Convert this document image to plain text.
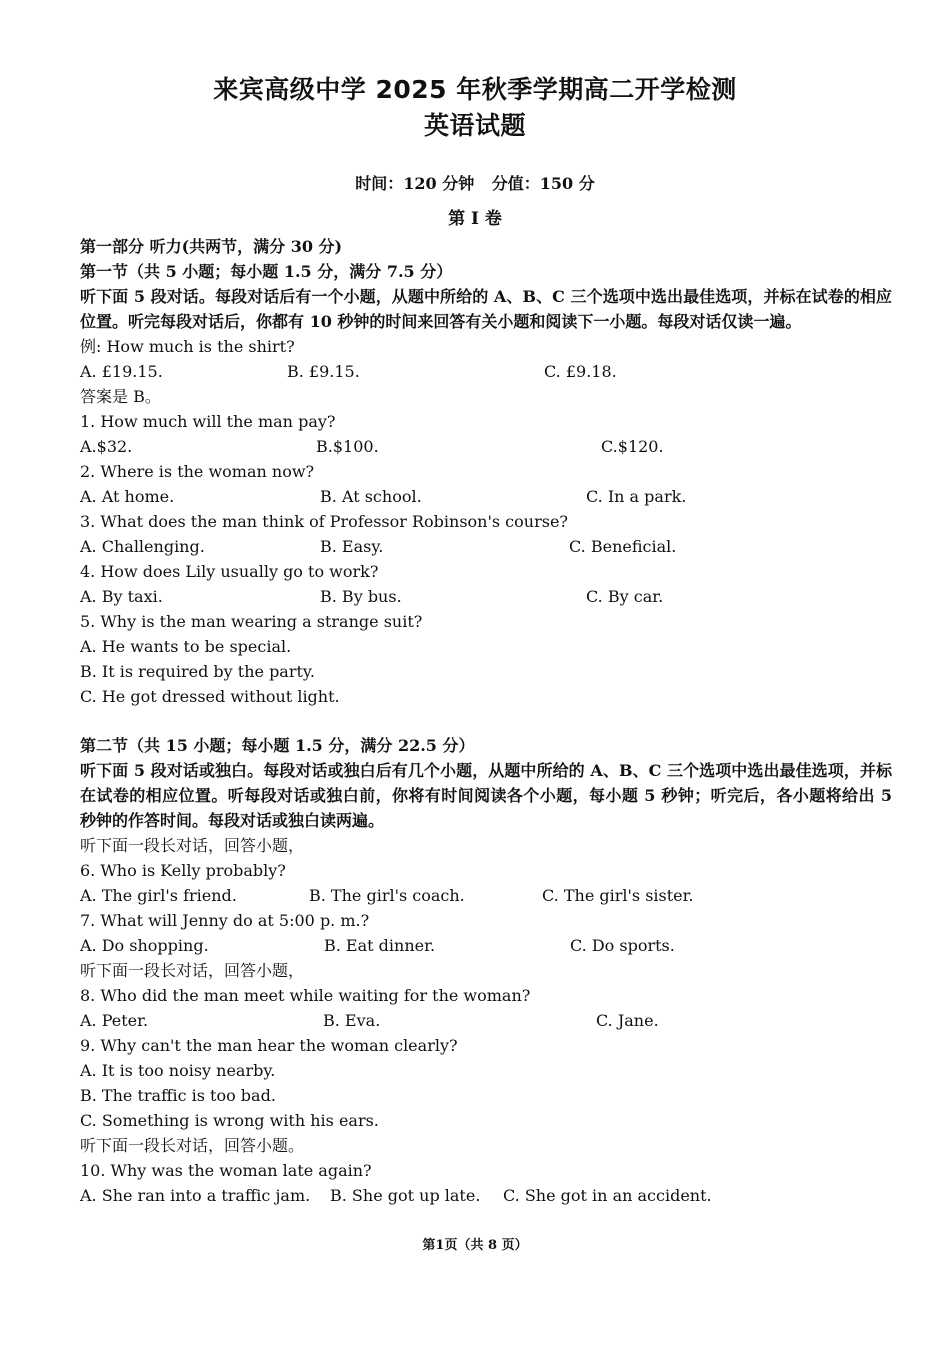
来宾高级中学 2025 年秋季学期高二开学检测
英语试题
时间：120 分钟 分值：150 分
第 I 卷
第一部分 听力(共两节，满分 30 分)
第一节（共 5 小题；每小题 1.5 分，满分 7.5 分）
听下面 5 段对话。每段对话后有一个小题，从题中所给的 A、B、C 三个选项中选出最佳选项，并标在试卷的相应位置。听完每段对话后，你都有 10 秒钟的时间来回答有关小题和阅读下一小题。每段对话仅读一遍。
例: How much is the shirt?
A. £19.15.	B. £9.15.	C. £9.18.
答案是 B。
1. How much will the man pay?
A.$32.	B.$100.	C.$120.
2. Where is the woman now?
A. At home.	B. At school.	C. In a park.
3. What does the man think of Professor Robinson's course?
A. Challenging.	B. Easy.	C. Beneficial.
4. How does Lily usually go to work?
A. By taxi.	B. By bus.	C. By car.
5. Why is the man wearing a strange suit?
A. He wants to be special.
B. It is required by the party.
C. He got dressed without light.
第二节（共 15 小题；每小题 1.5 分，满分 22.5 分）
听下面 5 段对话或独白。每段对话或独白后有几个小题，从题中所给的 A、B、C 三个选项中选出最佳选项，并标在试卷的相应位置。听每段对话或独白前，你将有时间阅读各个小题，每小题 5 秒钟；听完后，各小题将给出 5 秒钟的作答时间。每段对话或独白读两遍。
听下面一段长对话，回答小题，
6. Who is Kelly probably?
A. The girl's friend.	B. The girl's coach.	C. The girl's sister.
7. What will Jenny do at 5:00 p. m.?
A. Do shopping.	B. Eat dinner.	C. Do sports.
听下面一段长对话，回答小题，
8. Who did the man meet while waiting for the woman?
A. Peter.	B. Eva.	C. Jane.
9. Why can't the man hear the woman clearly?
A. It is too noisy nearby.
B. The traffic is too bad.
C. Something is wrong with his ears.
听下面一段长对话，回答小题。
10. Why was the woman late again?
A. She ran into a traffic jam. B. She got up late. C. She got in an accident.
第1页（共 8 页）
